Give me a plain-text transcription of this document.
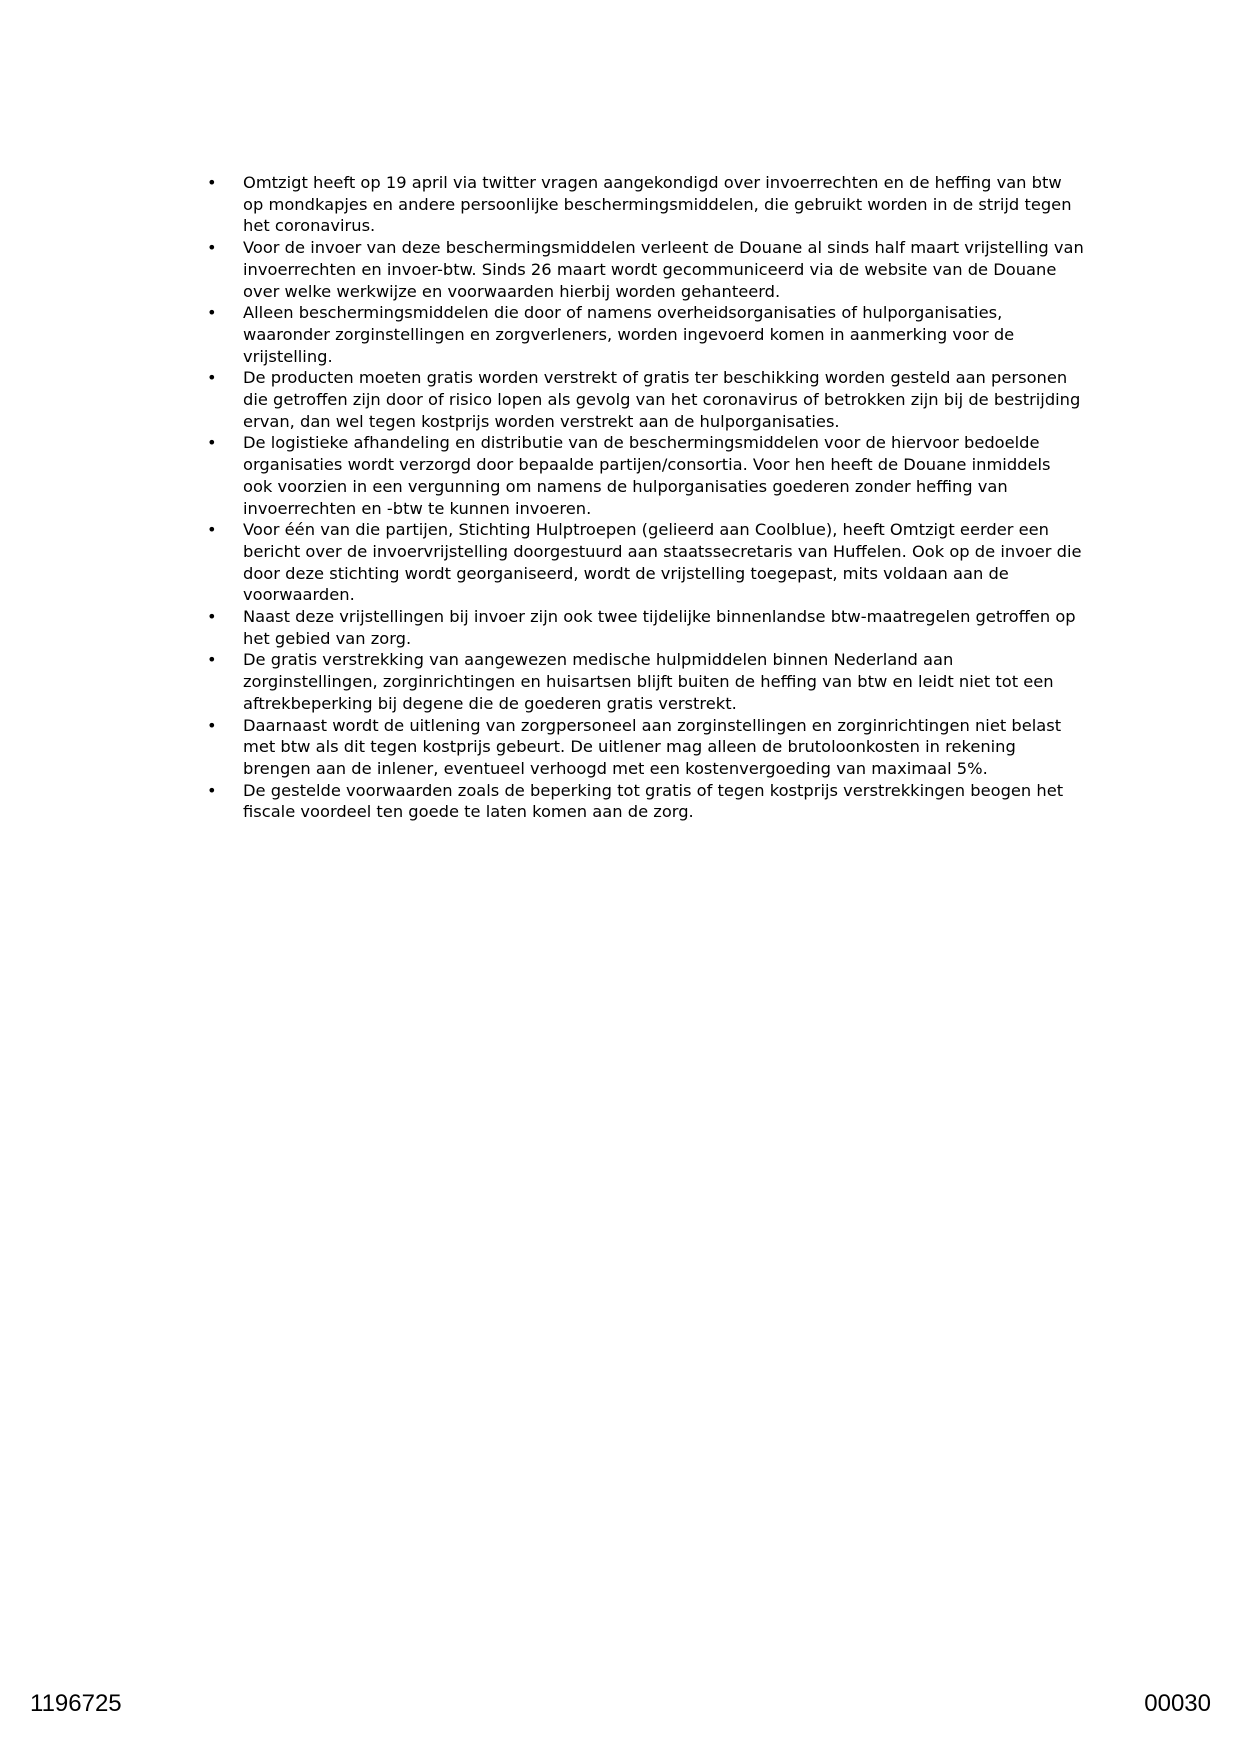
• Omtzigt heeft op 19 april via twitter vragen aangekondigd over invoerrechten en de heffing van btw op mondkapjes en andere persoonlijke beschermingsmiddelen, die gebruikt worden in de strijd tegen het coronavirus.
• Voor de invoer van deze beschermingsmiddelen verleent de Douane al sinds half maart vrijstelling van invoerrechten en invoer-btw. Sinds 26 maart wordt gecommuniceerd via de website van de Douane over welke werkwijze en voorwaarden hierbij worden gehanteerd.
• Alleen beschermingsmiddelen die door of namens overheidsorganisaties of hulporganisaties, waaronder zorginstellingen en zorgverleners, worden ingevoerd komen in aanmerking voor de vrijstelling.
• De producten moeten gratis worden verstrekt of gratis ter beschikking worden gesteld aan personen die getroffen zijn door of risico lopen als gevolg van het coronavirus of betrokken zijn bij de bestrijding ervan, dan wel tegen kostprijs worden verstrekt aan de hulporganisaties.
• De logistieke afhandeling en distributie van de beschermingsmiddelen voor de hiervoor bedoelde organisaties wordt verzorgd door bepaalde partijen/consortia. Voor hen heeft de Douane inmiddels ook voorzien in een vergunning om namens de hulporganisaties goederen zonder heffing van invoerrechten en -btw te kunnen invoeren.
• Voor één van die partijen, Stichting Hulptroepen (gelieerd aan Coolblue), heeft Omtzigt eerder een bericht over de invoervrijstelling doorgestuurd aan staatssecretaris van Huffelen. Ook op de invoer die door deze stichting wordt georganiseerd, wordt de vrijstelling toegepast, mits voldaan aan de voorwaarden.
• Naast deze vrijstellingen bij invoer zijn ook twee tijdelijke binnenlandse btw-maatregelen getroffen op het gebied van zorg.
• De gratis verstrekking van aangewezen medische hulpmiddelen binnen Nederland aan zorginstellingen, zorginrichtingen en huisartsen blijft buiten de heffing van btw en leidt niet tot een aftrekbeperking bij degene die de goederen gratis verstrekt.
• Daarnaast wordt de uitlening van zorgpersoneel aan zorginstellingen en zorginrichtingen niet belast met btw als dit tegen kostprijs gebeurt. De uitlener mag alleen de brutoloonkosten in rekening brengen aan de inlener, eventueel verhoogd met een kostenvergoeding van maximaal 5%.
• De gestelde voorwaarden zoals de beperking tot gratis of tegen kostprijs verstrekkingen beogen het fiscale voordeel ten goede te laten komen aan de zorg.
1196725	00030
